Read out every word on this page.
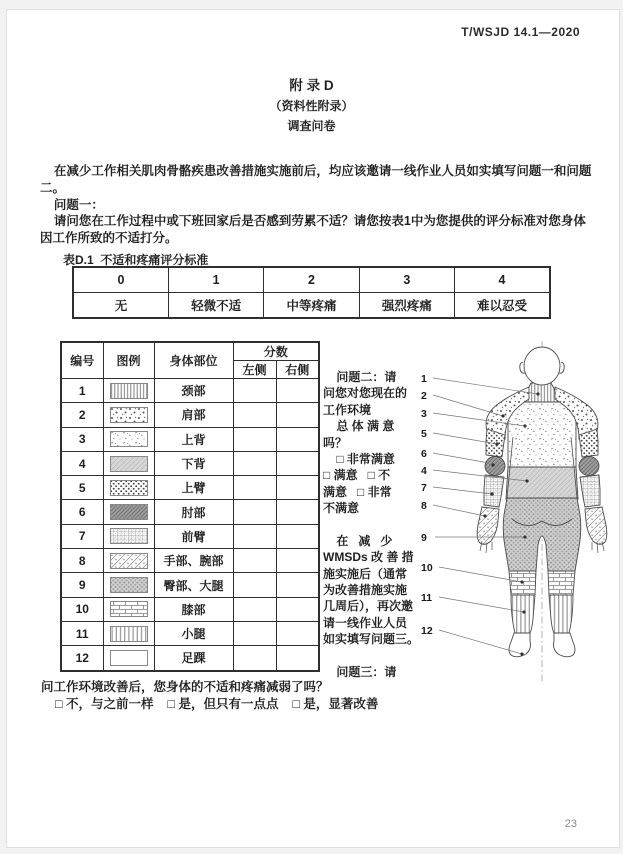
T/WSJD 14.1—2020
附 录 D
（资料性附录）
调查问卷
在减少工作相关肌肉骨骼疾患改善措施实施前后，均应该邀请一线作业人员如实填写问题一和问题
二。
问题一：
请问您在工作过程中或下班回家后是否感到劳累不适？请您按表1中为您提供的评分标准对您身体
因工作所致的不适打分。
表D.1  不适和疼痛评分标准
0	1	2	3	4
无	轻微不适	中等疼痛	强烈疼痛	难以忍受
编号	图例	身体部位	分数	
			左侧	右侧
1		颈部		
2		肩部		
3		上背		
4		下背		
5		上臂		
6		肘部		
7		前臂		
8		手部、腕部		
9		臀部、大腿		
10		膝部		
11		小腿		
12		足踝		
问题二：请
问您对您现在的
工作环境
总 体 满 意
吗？
□ 非常满意
□ 满意   □ 不
满意   □ 非常
不满意
在   减   少
WMSDs 改 善 措
施实施后（通常
为改善措施实施
几周后），再次邀
请一线作业人员
如实填写问题三。
问题三：请
1
2
3
5
6
4
7
8
9
10
11
12
问工作环境改善后，您身体的不适和疼痛减弱了吗？
□ 不，与之前一样    □ 是，但只有一点点    □ 是，显著改善
23
